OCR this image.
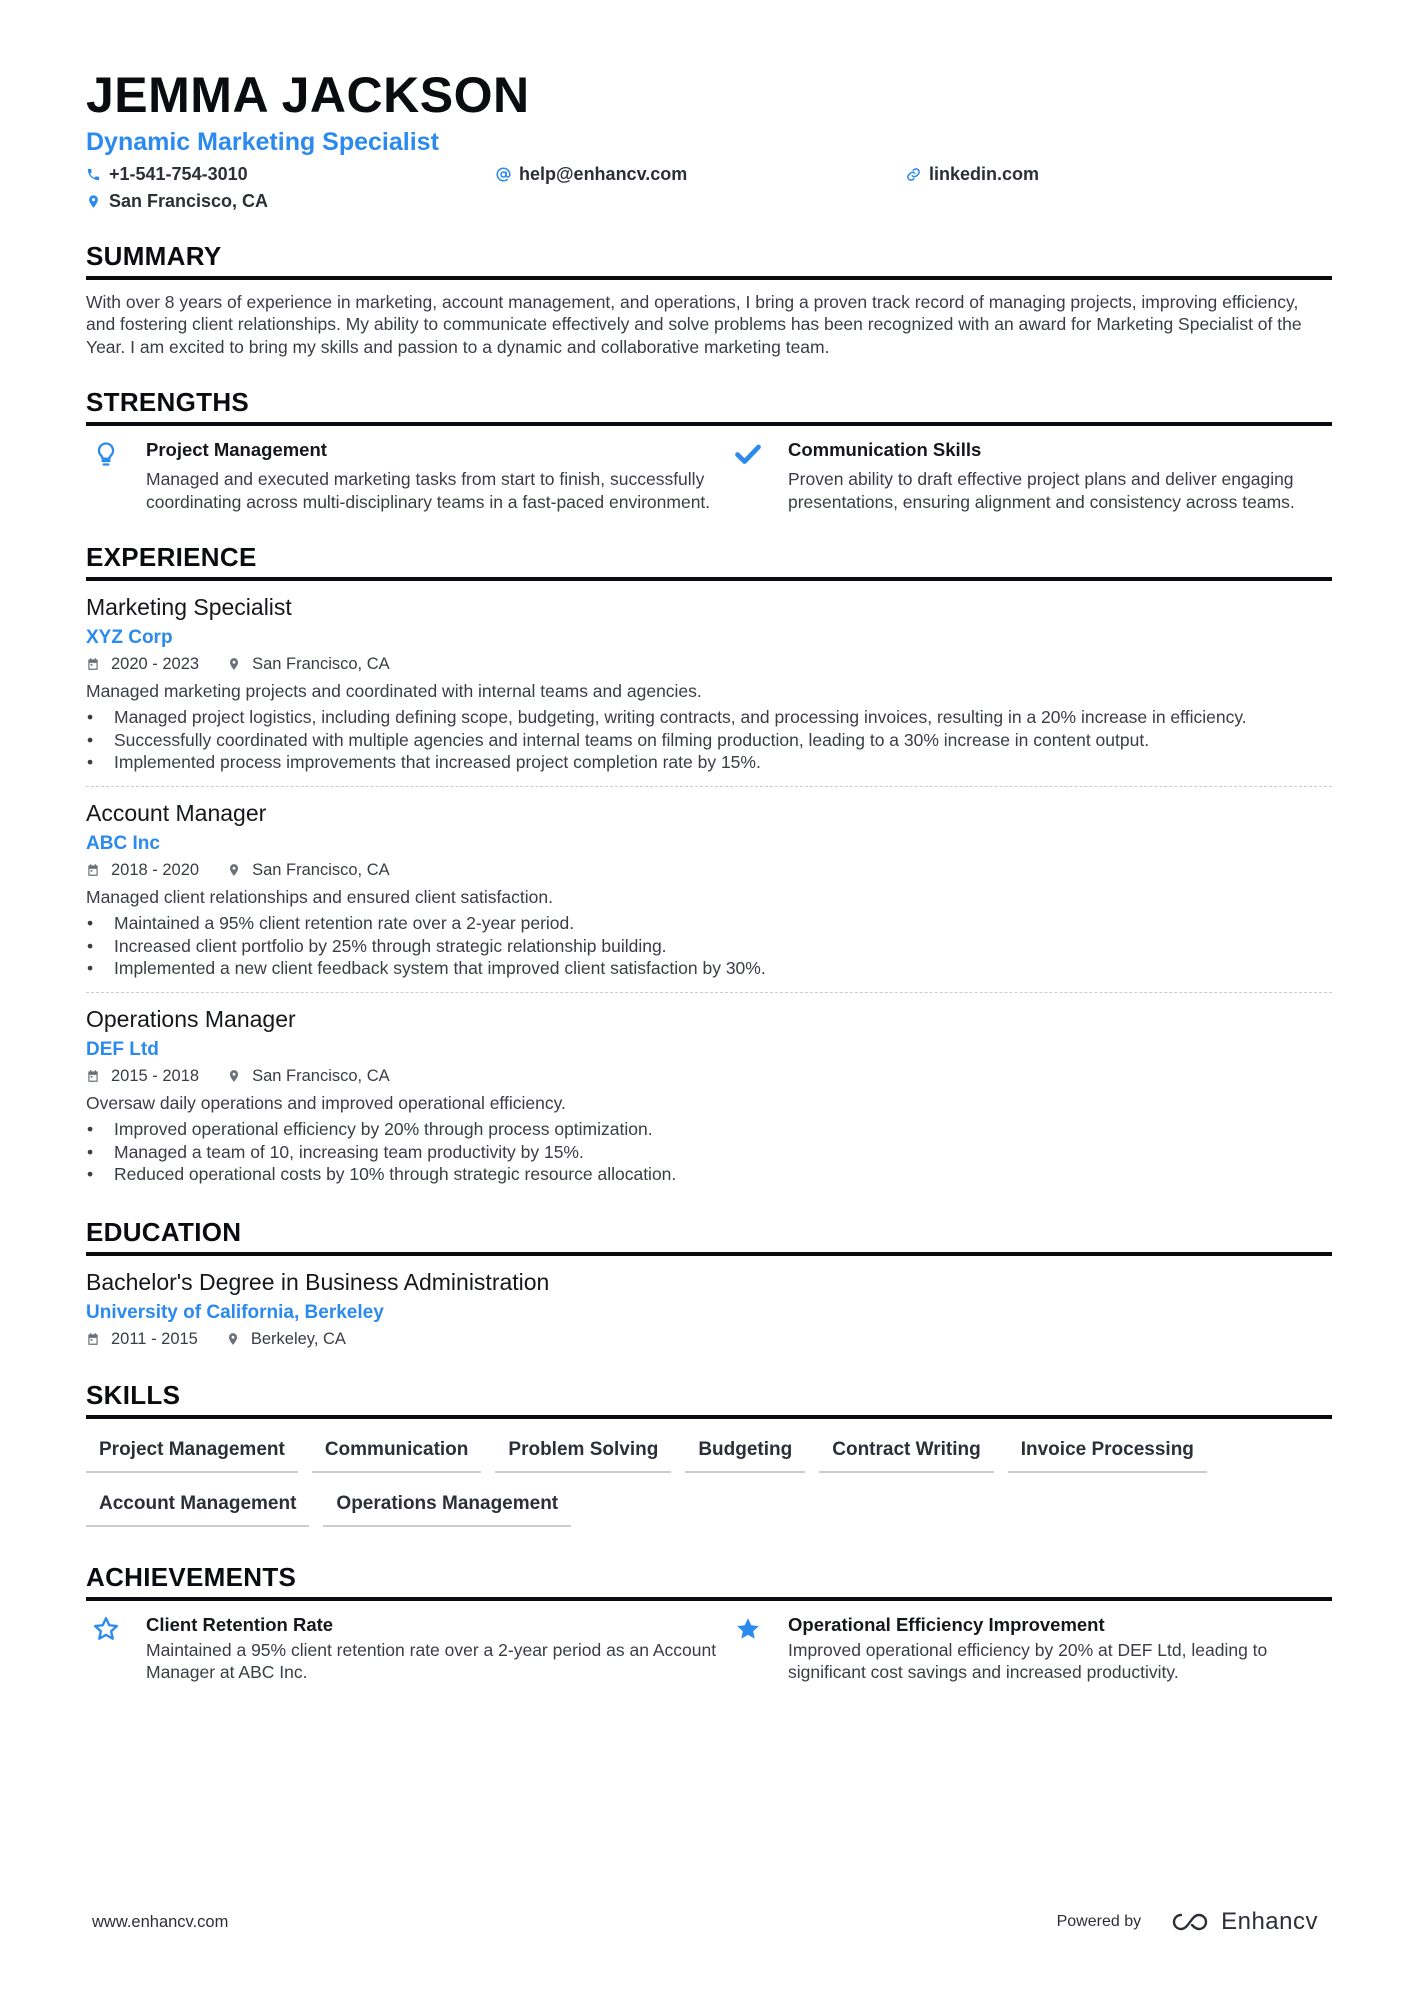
JEMMA JACKSON
Dynamic Marketing Specialist
+1-541-754-3010	help@enhancv.com	linkedin.com
San Francisco, CA
SUMMARY
With over 8 years of experience in marketing, account management, and operations, I bring a proven track record of managing projects, improving efficiency, and fostering client relationships. My ability to communicate effectively and solve problems has been recognized with an award for Marketing Specialist of the Year. I am excited to bring my skills and passion to a dynamic and collaborative marketing team.
STRENGTHS
Project Management
Managed and executed marketing tasks from start to finish, successfully coordinating across multi-disciplinary teams in a fast-paced environment.
Communication Skills
Proven ability to draft effective project plans and deliver engaging presentations, ensuring alignment and consistency across teams.
EXPERIENCE
Marketing Specialist
XYZ Corp
2020 - 2023	San Francisco, CA
Managed marketing projects and coordinated with internal teams and agencies.
• Managed project logistics, including defining scope, budgeting, writing contracts, and processing invoices, resulting in a 20% increase in efficiency.
• Successfully coordinated with multiple agencies and internal teams on filming production, leading to a 30% increase in content output.
• Implemented process improvements that increased project completion rate by 15%.
Account Manager
ABC Inc
2018 - 2020	San Francisco, CA
Managed client relationships and ensured client satisfaction.
• Maintained a 95% client retention rate over a 2-year period.
• Increased client portfolio by 25% through strategic relationship building.
• Implemented a new client feedback system that improved client satisfaction by 30%.
Operations Manager
DEF Ltd
2015 - 2018	San Francisco, CA
Oversaw daily operations and improved operational efficiency.
• Improved operational efficiency by 20% through process optimization.
• Managed a team of 10, increasing team productivity by 15%.
• Reduced operational costs by 10% through strategic resource allocation.
EDUCATION
Bachelor's Degree in Business Administration
University of California, Berkeley
2011 - 2015	Berkeley, CA
SKILLS
Project Management	Communication	Problem Solving	Budgeting	Contract Writing	Invoice Processing
Account Management	Operations Management
ACHIEVEMENTS
Client Retention Rate
Maintained a 95% client retention rate over a 2-year period as an Account Manager at ABC Inc.
Operational Efficiency Improvement
Improved operational efficiency by 20% at DEF Ltd, leading to significant cost savings and increased productivity.
www.enhancv.com	Powered by	Enhancv
